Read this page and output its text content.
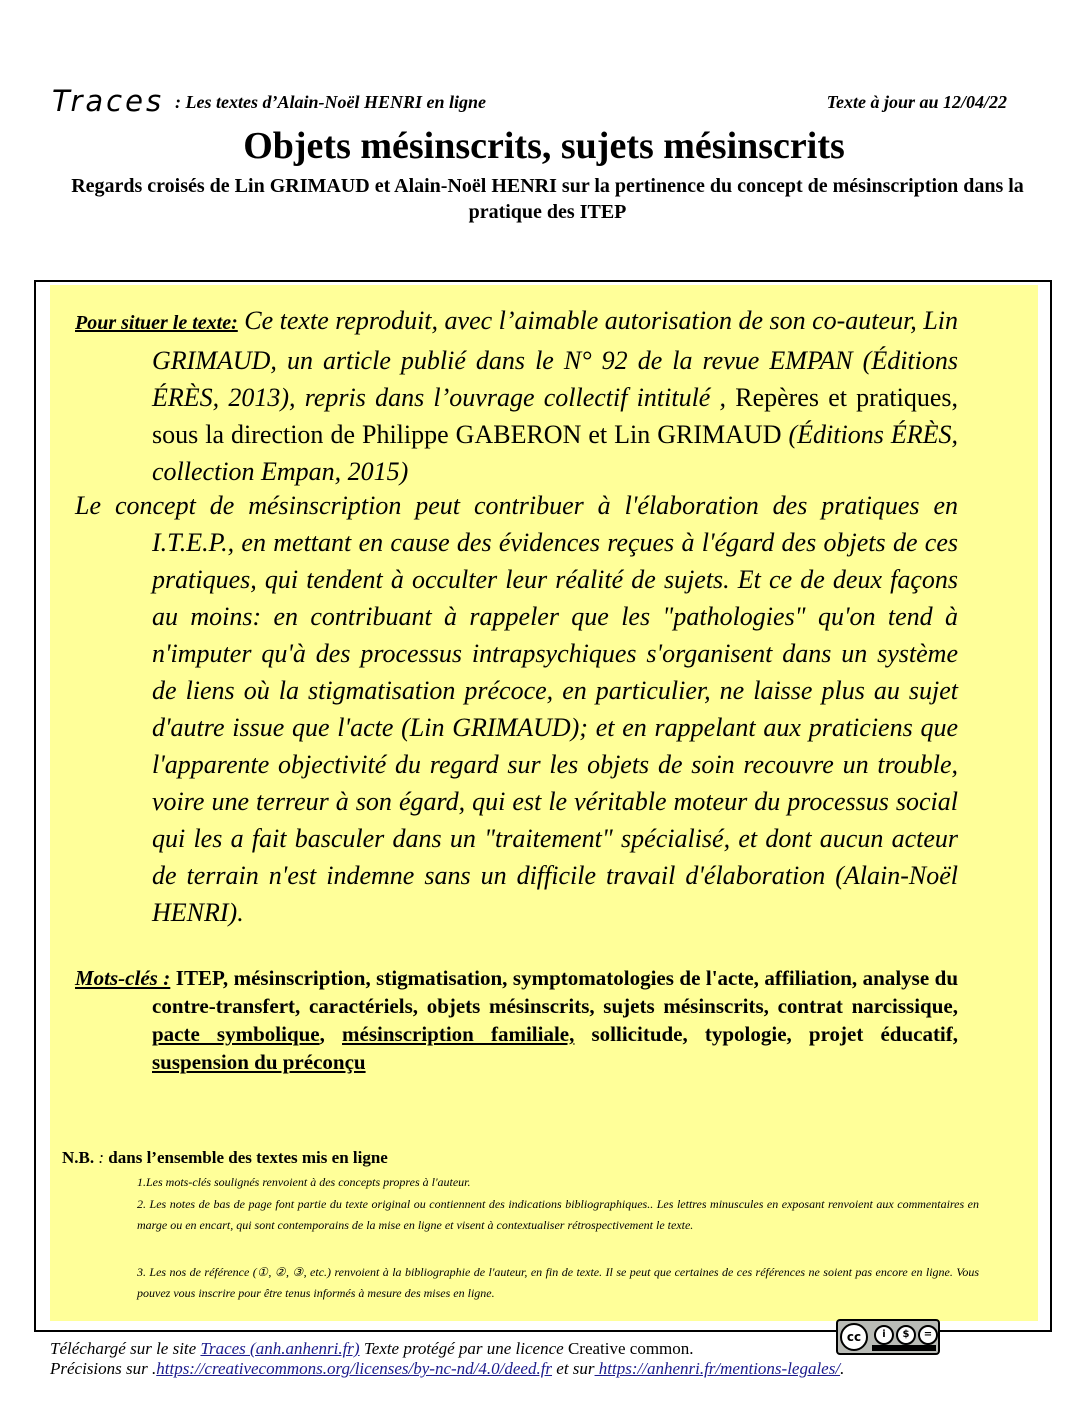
Traces : Les textes d’Alain-Noël HENRI en ligne	Texte à jour au 12/04/22
Objets mésinscrits, sujets mésinscrits
Regards croisés de Lin GRIMAUD et Alain-Noël HENRI sur la pertinence du concept de mésinscription dans la pratique des ITEP
Pour situer le texte: Ce texte reproduit, avec l’aimable autorisation de son co-auteur, Lin GRIMAUD, un article publié dans le N° 92 de la revue EMPAN (Éditions ÉRÈS, 2013), repris dans l’ouvrage collectif intitulé , Repères et pratiques, sous la direction de Philippe GABERON et Lin GRIMAUD (Éditions ÉRÈS, collection Empan, 2015)
Le concept de mésinscription peut contribuer à l'élaboration des pratiques en I.T.E.P., en mettant en cause des évidences reçues à l'égard des objets de ces pratiques, qui tendent à occulter leur réalité de sujets. Et ce de deux façons au moins: en contribuant à rappeler que les "pathologies" qu'on tend à n'imputer qu'à des processus intrapsychiques s'organisent dans un système de liens où la stigmatisation précoce, en particulier, ne laisse plus au sujet d'autre issue que l'acte (Lin GRIMAUD); et en rappelant aux praticiens que l'apparente objectivité du regard sur les objets de soin recouvre un trouble, voire une terreur à son égard, qui est le véritable moteur du processus social qui les a fait basculer dans un "traitement" spécialisé, et dont aucun acteur de terrain n'est indemne sans un difficile travail d'élaboration (Alain-Noël HENRI).
Mots-clés : ITEP, mésinscription, stigmatisation, symptomatologies de l'acte, affiliation, analyse du contre-transfert, caractériels, objets mésinscrits, sujets mésinscrits, contrat narcissique, pacte symbolique, mésinscription familiale, sollicitude, typologie, projet éducatif, suspension du préconçu
N.B. : dans l’ensemble des textes mis en ligne
1.Les mots-clés soulignés renvoient à des concepts propres à l'auteur.
2. Les notes de bas de page font partie du texte original ou contiennent des indications bibliographiques.. Les lettres minuscules en exposant renvoient aux commentaires en marge ou en encart, qui sont contemporains de la mise en ligne et visent à contextualiser rétrospectivement le texte.
3. Les nos de référence (①, ②, ③, etc.) renvoient à la bibliographie de l'auteur, en fin de texte. Il se peut que certaines de ces références ne soient pas encore en ligne. Vous pouvez vous inscrire pour être tenus informés à mesure des mises en ligne.
cc	i	$	=
Téléchargé sur le site Traces (anh.anhenri.fr) Texte protégé par une licence Creative common.
Précisions sur .https://creativecommons.org/licenses/by-nc-nd/4.0/deed.fr et sur https://anhenri.fr/mentions-legales/.
